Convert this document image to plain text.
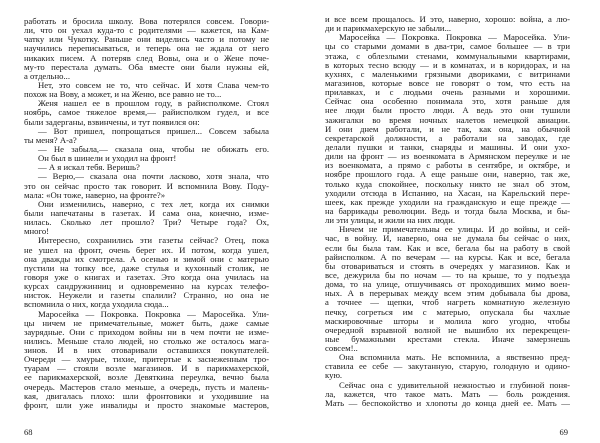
работать и бросила школу. Вова потерялся совсем. Говори-
ли, что он уехал куда-то с родителями — кажется, на Кам-
чатку или Чукотку. Раньше они виделись часто и потому не
научились переписываться, и теперь она не ждала от него
никаких писем. А потеряв след Вовы, она и о Жене поче-
му-то перестала думать. Оба вместе они были нужны ей,
а отдельно...
Нет, это совсем не то, что сейчас. И хотя Слава чем-то
похож на Вову, а может, и на Женю, все равно не то...
Женя нашел ее в прошлом году, в райисполкоме. Стоял
ноябрь, самое тяжелое время,— райисполком гудел, и все
были задерганы, взвинчены, и тут появился он:
— Вот пришел, попрощаться пришел... Совсем забыла
ты меня? А-а?
— Не забыла,— сказала она, чтобы не обижать его.
Он был в шинели и уходил на фронт!
— А я искал тебя. Веришь?
— Верю,— сказала она почти ласково, хотя знала, что
это он сейчас просто так говорит. И вспомнила Вову. Поду-
мала: «Он тоже, наверно, на фронте?»
Они изменились, наверно, с тех лет, когда их снимки
были напечатаны в газетах. И сама она, конечно, изме-
нилась. Сколько лет прошло? Три? Четыре года? Ох,
много!
Интересно, сохранились эти газеты сейчас? Отец, пока
не ушел на фронт, очень берег их. И потом, когда ушел,
она дважды их смотрела. А осенью и зимой они с матерью
пустили на топку все, даже стулья и кухонный столик, не
говоря уже о книгах и газетах. Это когда она училась на
курсах сандружинниц и одновременно на курсах телефо-
нисток. Неужели и газеты спалили? Странно, но она не
вспомнила о них, когда уходила сюда...
Маросейка — Покровка. Покровка — Маросейка. Ули-
цы ничем не примечательные, может быть, даже самые
заурядные. Они с приходом войны ни в чем почти не изме-
нились. Меньше стало людей, но столько же осталось мага-
зинов. И в них отоваривали оставшихся покупателей.
Очереди — хмурые, тихие, притертые к заснеженным тро-
туарам — стояли возле магазинов. И в парикмахерской,
ее парикмахерской, возле Девяткина переулка, вечно была
очередь. Мастеров стало меньше, а очередь, пусть и малень-
кая, двигалась плохо: шли фронтовики и уходившие на
фронт, шли уже инвалиды и просто знакомые мастеров,
68
и все всем прощалось. И это, наверно, хорошо: война, а лю-
ди и парикмахерскую не забыли...
Маросейка — Покровка. Покровка — Маросейка. Ули-
цы со старыми домами в два-три, самое большее — в три
этажа, с облезлыми стенами, коммунальными квартирами,
в которых тесно всюду — и в комнатах, и в коридорах, и на
кухнях, с маленькими грязными двориками, с витринами
магазинов, которые вовсе не говорят о том, что есть на
прилавках, и с людьми очень разными и хорошими.
Сейчас она особенно понимала это, хотя раньше для
нее люди были просто люди. А ведь это они тушили
зажигалки во время ночных налетов немецкой авиации.
И они днем работали, и не так, как она, на обычной
секретарской должности, а работали на заводах, где
делали пушки и танки, снаряды и машины. И они ухо-
дили на фронт — из военкомата в Армянском переулке и не
из военкомата, а прямо с работы в сентябре, и октябре, и
ноябре прошлого года. А еще раньше они, наверно, так же,
только куда спокойнее, поскольку никто не знал об этом,
уходили отсюда в Испанию, на Хасан, на Карельский пере-
шеек, как прежде уходили на гражданскую и еще прежде —
на баррикады революции. Ведь и тогда была Москва, и бы-
ли эти улицы, и жили на них люди.
Ничем не примечательны ее улицы. И до войны, и сей-
час, в войну. И, наверно, она не думала бы сейчас о них,
если бы была там. Как и все, бегала бы на работу в свой
райисполком. А по вечерам — на курсы. Как и все, бегала
бы отовариваться и стоять в очередях у магазинов. Как и
все, дежурила бы по ночам — то на крыше, то у подъезда
дома, то на улице, отшучиваясь от проходивших мимо воен-
ных. А в перерывах между всем этим добывала бы дрова,
а точнее — щепки, чтоб нагреть комнатную железную
печку, согреться им с матерью, опускала бы чахлые
маскировочные шторы и молила кого угодно, чтобы
очередной взрывной волной не вышибло их перекрещен-
ные бумажными крестами стекла. Иначе замерзнешь
совсем!..
Она вспомнила мать. Не вспомнила, а явственно пред-
ставила ее себе — закутанную, старую, голодную и одино-
кую.
Сейчас она с удивительной нежностью и глубиной поня-
ла, кажется, что такое мать. Мать — боль рождения.
Мать — беспокойство и хлопоты до конца дней ее. Мать —
69
